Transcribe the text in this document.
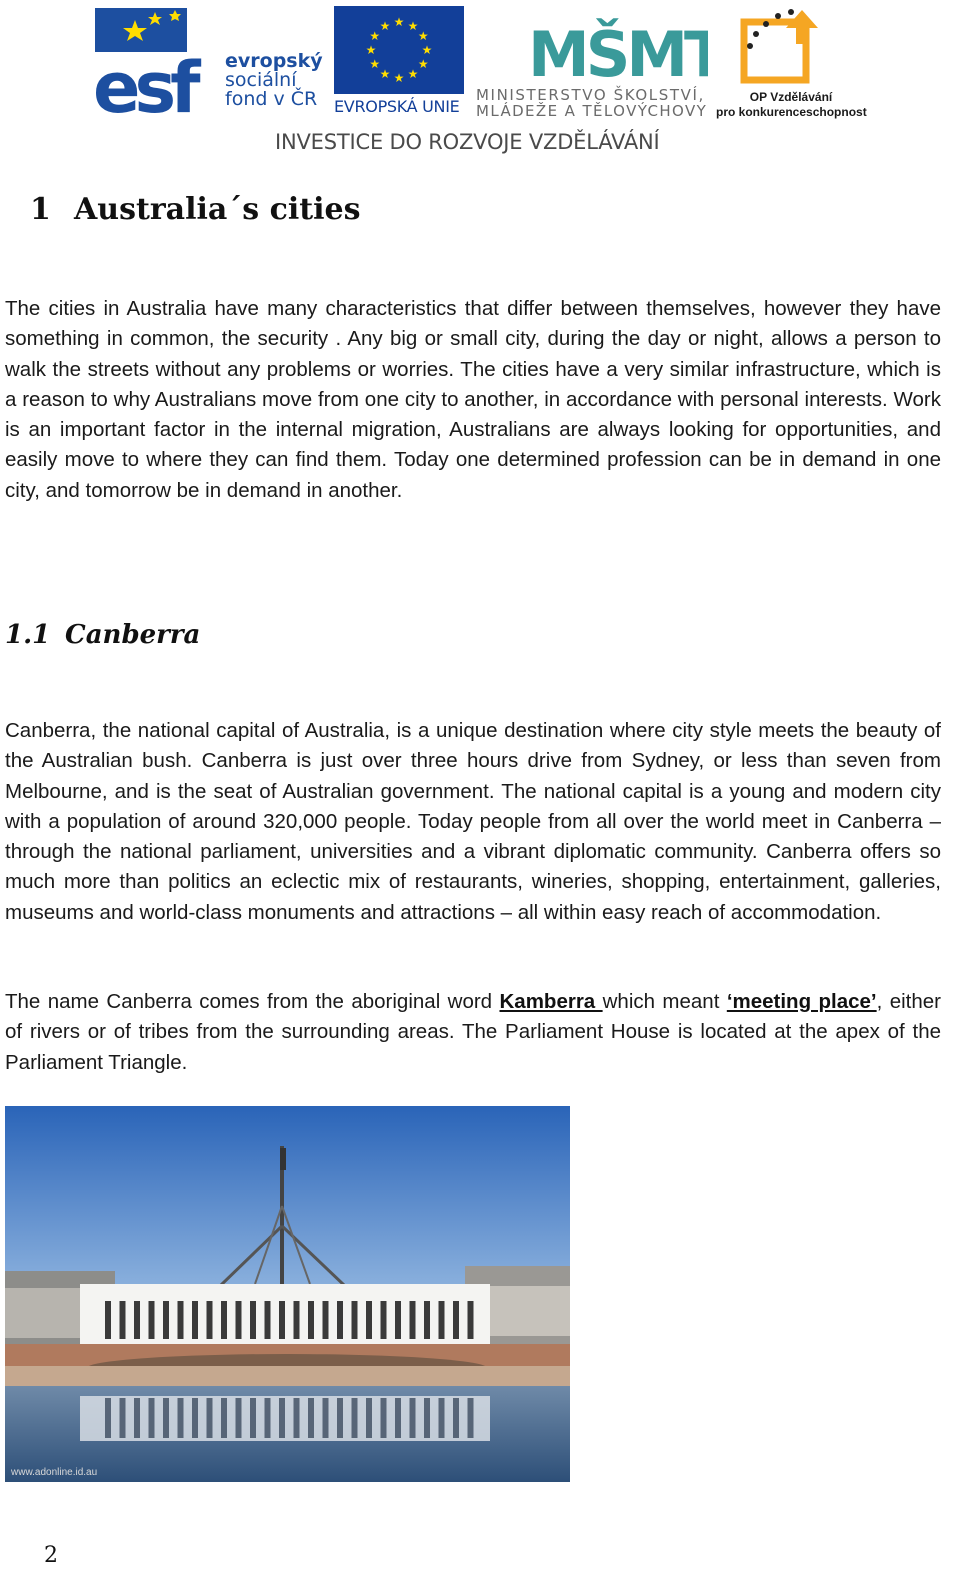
esf	evropský
sociální
fond v ČR
★ ★
★
★
★
★
★
★
★
★
★
★
EVROPSKÁ UNIE
MŠMT
MINISTERSTVO ŠKOLSTVÍ,
MLÁDEŽE A TĚLOVÝCHOVY
OP Vzdělávání
pro konkurenceschopnost
INVESTICE DO ROZVOJE VZDĚLÁVÁNÍ
1 Australia´s cities

The cities in Australia have many characteristics that differ between themselves, however they have something in common, the security . Any big or small city, during the day or night, allows a person to walk the streets without any problems or worries. The cities have a very similar infrastructure, which is a reason to why Australians move from one city to another, in accordance with personal interests. Work is an important factor in the internal migration, Australians are always looking for opportunities, and easily move to where they can find them. Today one determined profession can be in demand in one city, and tomorrow be in demand in another.

1.1 Canberra

Canberra, the national capital of Australia, is a unique destination where city style meets the beauty of the Australian bush. Canberra is just over three hours drive from Sydney, or less than seven from Melbourne, and is the seat of Australian government. The national capital is a young and modern city with a population of around 320,000 people. Today people from all over the world meet in Canberra – through the national parliament, universities and a vibrant diplomatic community. Canberra offers so much more than politics an eclectic mix of restaurants, wineries, shopping, entertainment, galleries, museums and world-class monuments and attractions – all within easy reach of accommodation.

The name Canberra comes from the aboriginal word Kamberra which meant ‘meeting place’, either of rivers or of tribes from the surrounding areas. The Parliament House is located at the apex of the Parliament Triangle.

www.adonline.id.au
2
